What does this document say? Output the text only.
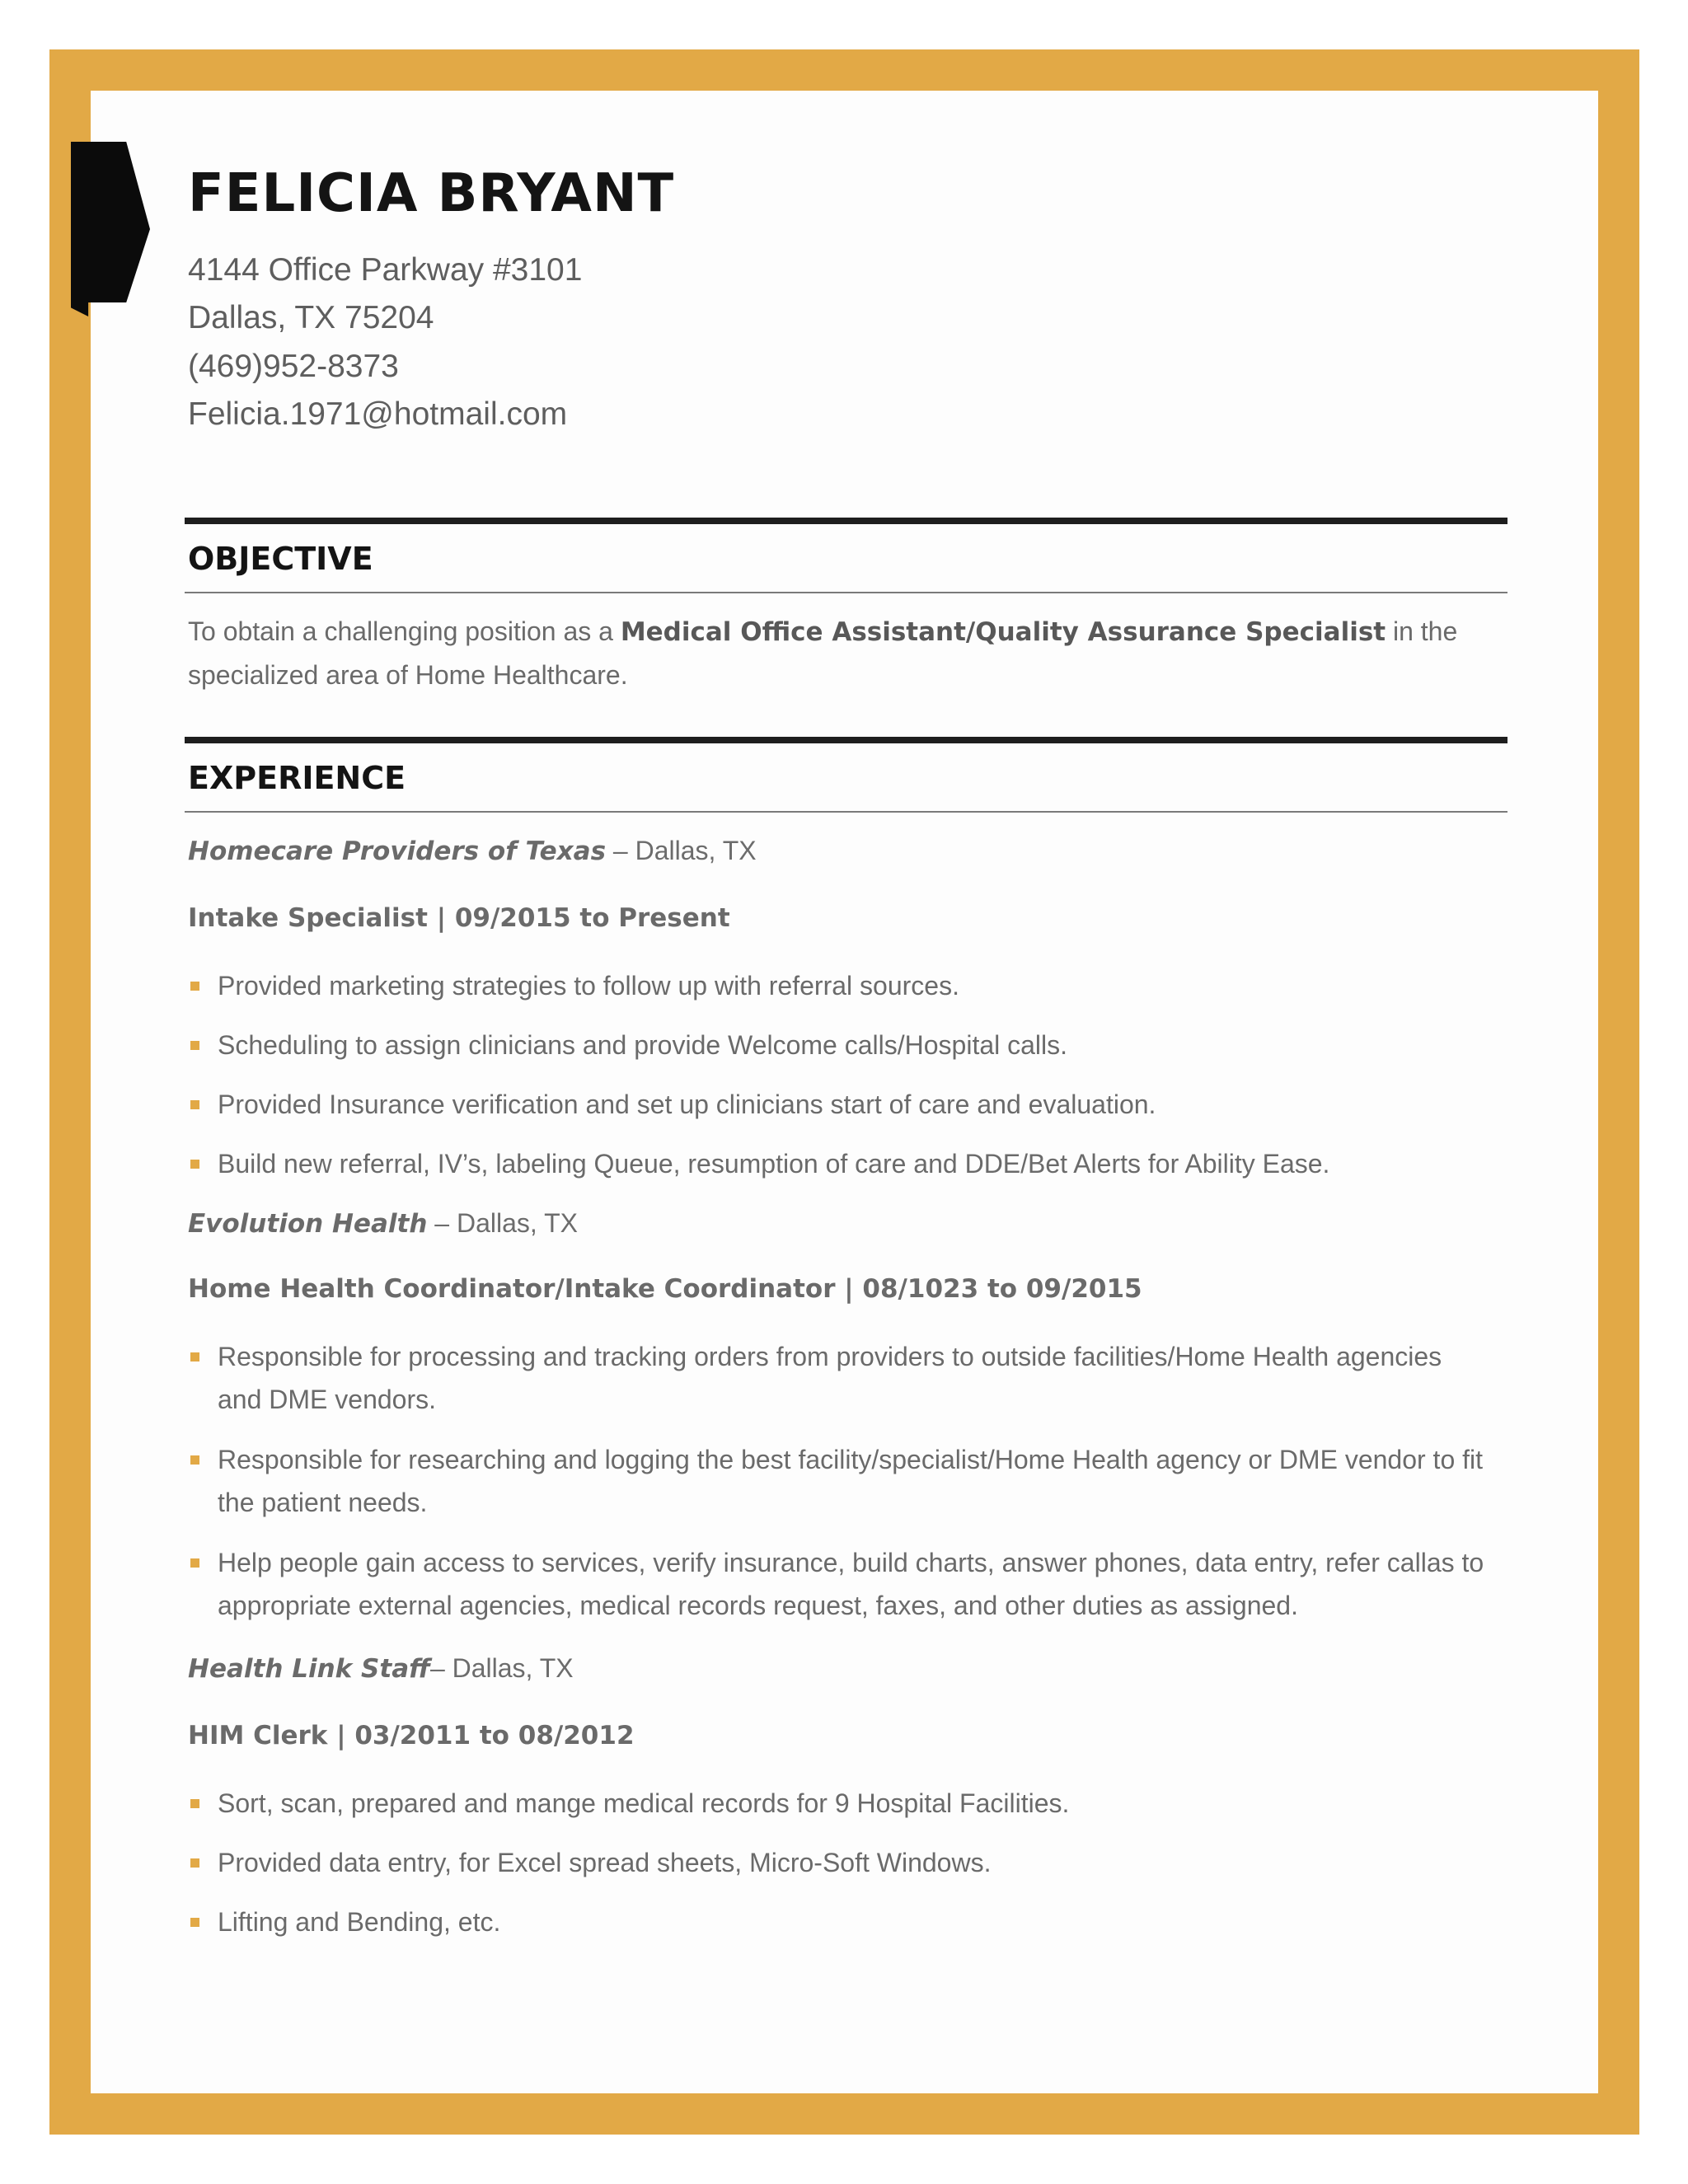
FELICIA BRYANT

4144 Office Parkway #3101

Dallas, TX 75204

(469)952-8373

Felicia.1971@hotmail.com

OBJECTIVE

To obtain a challenging position as a Medical Office Assistant/Quality Assurance Specialist in the specialized area of Home Healthcare.

EXPERIENCE

Homecare Providers of Texas – Dallas, TX

Intake Specialist | 09/2015 to Present

Provided marketing strategies to follow up with referral sources.

Scheduling to assign clinicians and provide Welcome calls/Hospital calls.

Provided Insurance verification and set up clinicians start of care and evaluation.

Build new referral, IV’s, labeling Queue, resumption of care and DDE/Bet Alerts for Ability Ease.

Evolution Health – Dallas, TX

Home Health Coordinator/Intake Coordinator | 08/1023 to 09/2015

Responsible for processing and tracking orders from providers to outside facilities/Home Health agencies and DME vendors.

Responsible for researching and logging the best facility/specialist/Home Health agency or DME vendor to fit the patient needs.

Help people gain access to services, verify insurance, build charts, answer phones, data entry, refer callas to appropriate external agencies, medical records request, faxes, and other duties as assigned.

Health Link Staff– Dallas, TX

HIM Clerk | 03/2011 to 08/2012

Sort, scan, prepared and mange medical records for 9 Hospital Facilities.

Provided data entry, for Excel spread sheets, Micro-Soft Windows.

Lifting and Bending, etc.
